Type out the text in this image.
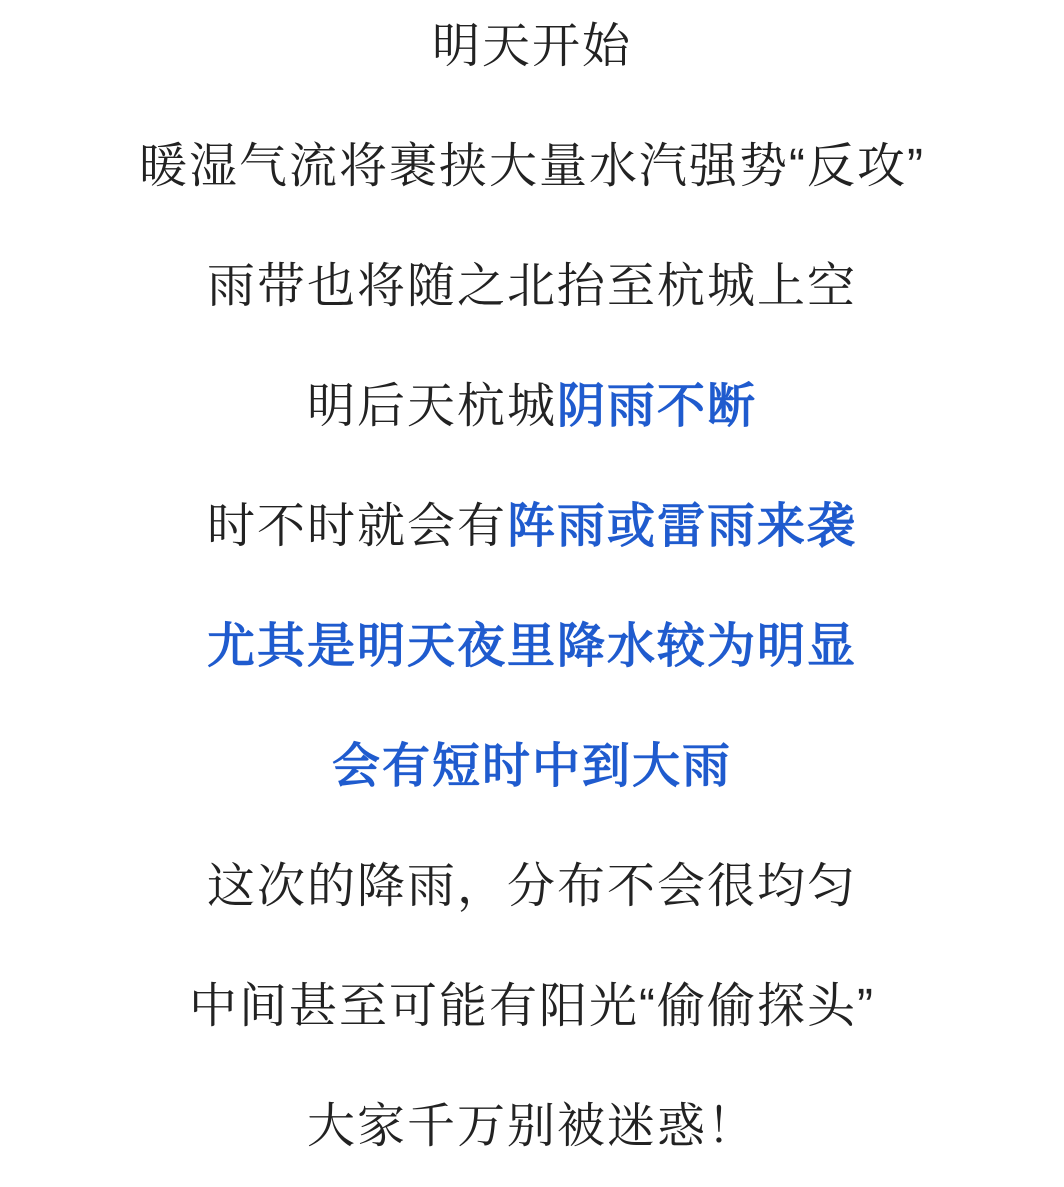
明天开始

暖湿气流将裹挟大量水汽强势“反攻”

雨带也将随之北抬至杭城上空

明后天杭城阴雨不断

时不时就会有阵雨或雷雨来袭

尤其是明天夜里降水较为明显

会有短时中到大雨

这次的降雨，分布不会很均匀

中间甚至可能有阳光“偷偷探头”

大家千万别被迷惑！
